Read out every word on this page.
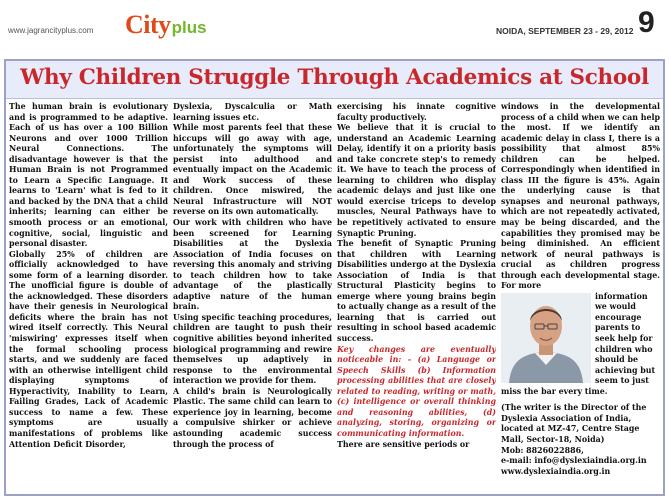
www.jagrancityplus.com City plus	NOIDA, SEPTEMBER 23 - 29, 2012 9
Why Children Struggle Through Academics at School

The human brain is evolutionary and is programmed to be adaptive. Each of us has over a 100 Billion Neurons and over 1000 Trillion Neural Connections. The disadvantage however is that the Human Brain is not Programmed to Learn a Specific Language. It learns to 'Learn' what is fed to it and backed by the DNA that a child inherits; learning can either be smooth process or an emotional, cognitive, social, linguistic and personal disaster.

Globally 25% of children are officially acknowledged to have some form of a learning disorder. The unofficial figure is double of the acknowledged. These disorders have their genesis in Neurological deficits where the brain has not wired itself correctly. This Neural 'miswiring' expresses itself when the formal schooling process starts, and we suddenly are faced with an otherwise intelligent child displaying symptoms of Hyperactivity, Inability to Learn, Failing Grades, Lack of Academic success to name a few. These symptoms are usually manifestations of problems like Attention Deficit Disorder,

Dyslexia, Dyscalculia or Math learning issues etc.

While most parents feel that these hiccups will go away with age, unfortunately the symptoms will persist into adulthood and eventually impact on the Academic and Work success of these children. Once miswired, the Neural Infrastructure will NOT reverse on its own automatically.

Our work with children who have been screened for Learning Disabilities at the Dyslexia Association of India focuses on reversing this anomaly and striving to teach children how to take advantage of the plastically adaptive nature of the human brain.

Using specific teaching procedures, children are taught to push their cognitive abilities beyond inherited biological programming and rewire themselves up adaptively in response to the environmental interaction we provide for them.

A child's brain is Neurologically Plastic. The same child can learn to experience joy in learning, become a compulsive shirker or achieve astounding academic success through the process of

exercising his innate cognitive faculty productively.

We believe that it is crucial to understand an Academic Learning Delay, identify it on a priority basis and take concrete step's to remedy it. We have to teach the process of learning to children who display academic delays and just like one would exercise triceps to develop muscles, Neural Pathways have to be repetitively activated to ensure Synaptic Pruning.

The benefit of Synaptic Pruning that children with Learning Disabilities undergo at the Dyslexia Association of India is that Structural Plasticity begins to emerge where young brains begin to actually change as a result of the learning that is carried out resulting in school based academic success.

Key changes are eventually noticeable in: - (a) Language or Speech Skills (b) Information processing abilities that are closely related to reading, writing or math, (c) intelligence or overall thinking and reasoning abilities, (d) analyzing, storing, organizing or communicating information.

There are sensitive periods or

windows in the developmental process of a child when we can help the most. If we identify an academic delay in class I, there is a possibility that almost 85% children can be helped. Correspondingly when identified in class III the figure is 45%. Again the underlying cause is that synapses and neuronal pathways, which are not repeatedly activated, may be being discarded, and the capabilities they promised may be being diminished. An efficient network of neural pathways is crucial as children progress through each developmental stage. For more

information we would encourage parents to seek help for children who should be achieving but seem to just miss the bar every time.

(The writer is the Director of the Dyslexia Association of India, located at MZ-47, Centre Stage Mall, Sector-18, Noida)

Mob: 8826022886,

e-mail: info@dyslexiaindia.org.in

www.dyslexiaindia.org.in
